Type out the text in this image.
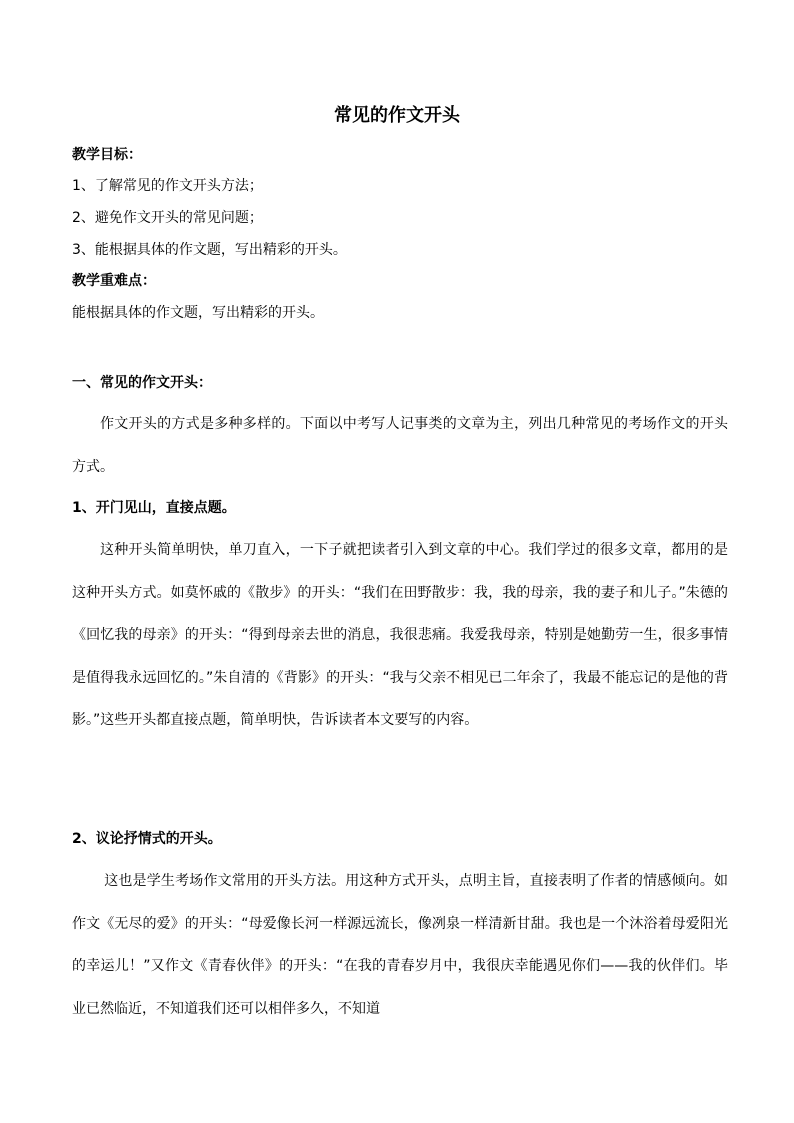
常见的作文开头
教学目标：
1、了解常见的作文开头方法；
2、避免作文开头的常见问题；
3、能根据具体的作文题，写出精彩的开头。
教学重难点：
能根据具体的作文题，写出精彩的开头。
一、常见的作文开头：
作文开头的方式是多种多样的。下面以中考写人记事类的文章为主，列出几种常见的考场作文的开头方式。
1、开门见山，直接点题。
这种开头简单明快，单刀直入，一下子就把读者引入到文章的中心。我们学过的很多文章，都用的是这种开头方式。如莫怀戚的《散步》的开头：“我们在田野散步：我，我的母亲，我的妻子和儿子。”朱德的《回忆我的母亲》的开头：“得到母亲去世的消息，我很悲痛。我爱我母亲，特别是她勤劳一生，很多事情是值得我永远回忆的。”朱自清的《背影》的开头：“我与父亲不相见已二年余了，我最不能忘记的是他的背影。”这些开头都直接点题，简单明快，告诉读者本文要写的内容。
2、议论抒情式的开头。
这也是学生考场作文常用的开头方法。用这种方式开头，点明主旨，直接表明了作者的情感倾向。如作文《无尽的爱》的开头：“母爱像长河一样源远流长，像冽泉一样清新甘甜。我也是一个沐浴着母爱阳光的幸运儿！”又作文《青春伙伴》的开头：“在我的青春岁月中，我很庆幸能遇见你们——我的伙伴们。毕业已然临近，不知道我们还可以相伴多久，不知道
